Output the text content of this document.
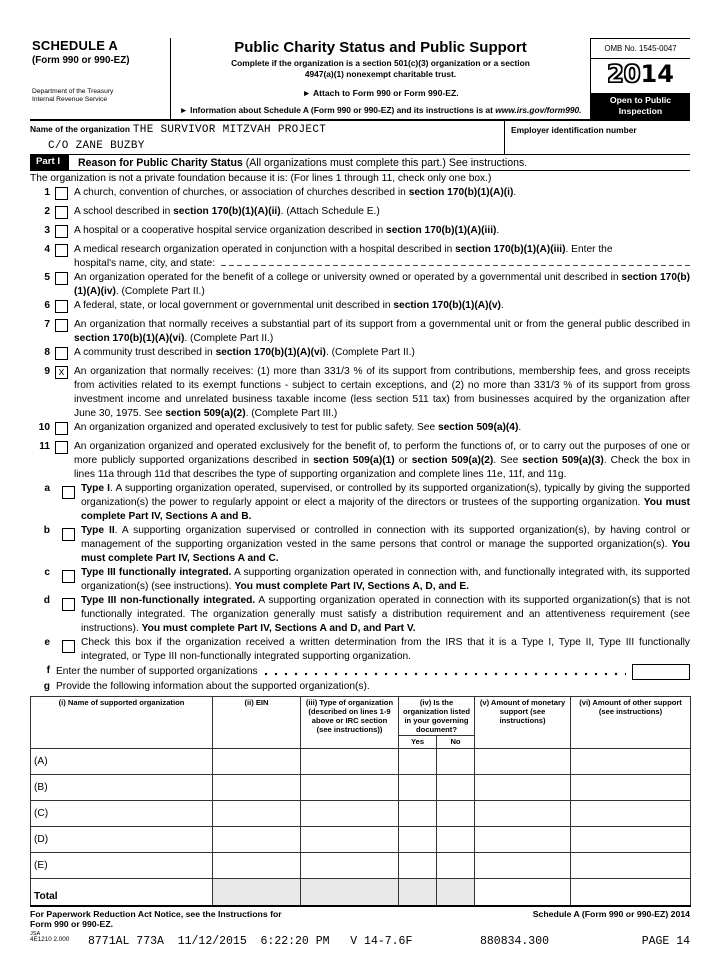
SCHEDULE A
(Form 990 or 990-EZ)
Department of the Treasury
Internal Revenue Service
Public Charity Status and Public Support
Complete if the organization is a section 501(c)(3) organization or a section
4947(a)(1) nonexempt charitable trust.
► Attach to Form 990 or Form 990-EZ.
► Information about Schedule A (Form 990 or 990-EZ) and its instructions is at www.irs.gov/form990.
OMB No. 1545-0047
2014
Open to Public
Inspection
Name of the organization THE SURVIVOR MITZVAH PROJECT
C/O ZANE BUZBY
Employer identification number
Part I	Reason for Public Charity Status (All organizations must complete this part.) See instructions.
The organization is not a private foundation because it is: (For lines 1 through 11, check only one box.)
1 A church, convention of churches, or association of churches described in section 170(b)(1)(A)(i).
2 A school described in section 170(b)(1)(A)(ii). (Attach Schedule E.)
3 A hospital or a cooperative hospital service organization described in section 170(b)(1)(A)(iii).
4 A medical research organization operated in conjunction with a hospital described in section 170(b)(1)(A)(iii). Enter the
hospital's name, city, and state:
5 An organization operated for the benefit of a college or university owned or operated by a governmental unit described in section 170(b)(1)(A)(iv). (Complete Part II.)
6 A federal, state, or local government or governmental unit described in section 170(b)(1)(A)(v).
7 An organization that normally receives a substantial part of its support from a governmental unit or from the general public described in section 170(b)(1)(A)(vi). (Complete Part II.)
8 A community trust described in section 170(b)(1)(A)(vi). (Complete Part II.)
9 X An organization that normally receives: (1) more than 331/3 % of its support from contributions, membership fees, and gross receipts from activities related to its exempt functions - subject to certain exceptions, and (2) no more than 331/3 % of its support from gross investment income and unrelated business taxable income (less section 511 tax) from businesses acquired by the organization after June 30, 1975. See section 509(a)(2). (Complete Part III.)
10 An organization organized and operated exclusively to test for public safety. See section 509(a)(4).
11 An organization organized and operated exclusively for the benefit of, to perform the functions of, or to carry out the purposes of one or more publicly supported organizations described in section 509(a)(1) or section 509(a)(2). See section 509(a)(3). Check the box in lines 11a through 11d that describes the type of supporting organization and complete lines 11e, 11f, and 11g.
a	Type I. A supporting organization operated, supervised, or controlled by its supported organization(s), typically by giving the supported organization(s) the power to regularly appoint or elect a majority of the directors or trustees of the supporting organization. You must complete Part IV, Sections A and B.
b	Type II. A supporting organization supervised or controlled in connection with its supported organization(s), by having control or management of the supporting organization vested in the same persons that control or manage the supported organization(s). You must complete Part IV, Sections A and C.
c	Type III functionally integrated. A supporting organization operated in connection with, and functionally integrated with, its supported organization(s) (see instructions). You must complete Part IV, Sections A, D, and E.
d	Type III non-functionally integrated. A supporting organization operated in connection with its supported organization(s) that is not functionally integrated. The organization generally must satisfy a distribution requirement and an attentiveness requirement (see instructions). You must complete Part IV, Sections A and D, and Part V.
e	Check this box if the organization received a written determination from the IRS that it is a Type I, Type II, Type III functionally integrated, or Type III non-functionally integrated supporting organization.
f Enter the number of supported organizations
g Provide the following information about the supported organization(s).
(i) Name of supported organization	(ii) EIN	(iii) Type of organization (described on lines 1-9 above or IRC section (see instructions))	(iv) Is the organization listed in your governing document?		(v) Amount of monetary support (see instructions)	(vi) Amount of other support (see instructions)
			Yes	No		
(A)						
(B)						
(C)						
(D)						
(E)						
Total						
For Paperwork Reduction Act Notice, see the Instructions for
Form 990 or 990-EZ.
Schedule A (Form 990 or 990-EZ) 2014
JSA
4E1210 2.000

	8771AL 773A  11/12/2015  6:22:20 PM   V 14-7.6F

	880834.300

	PAGE 14
